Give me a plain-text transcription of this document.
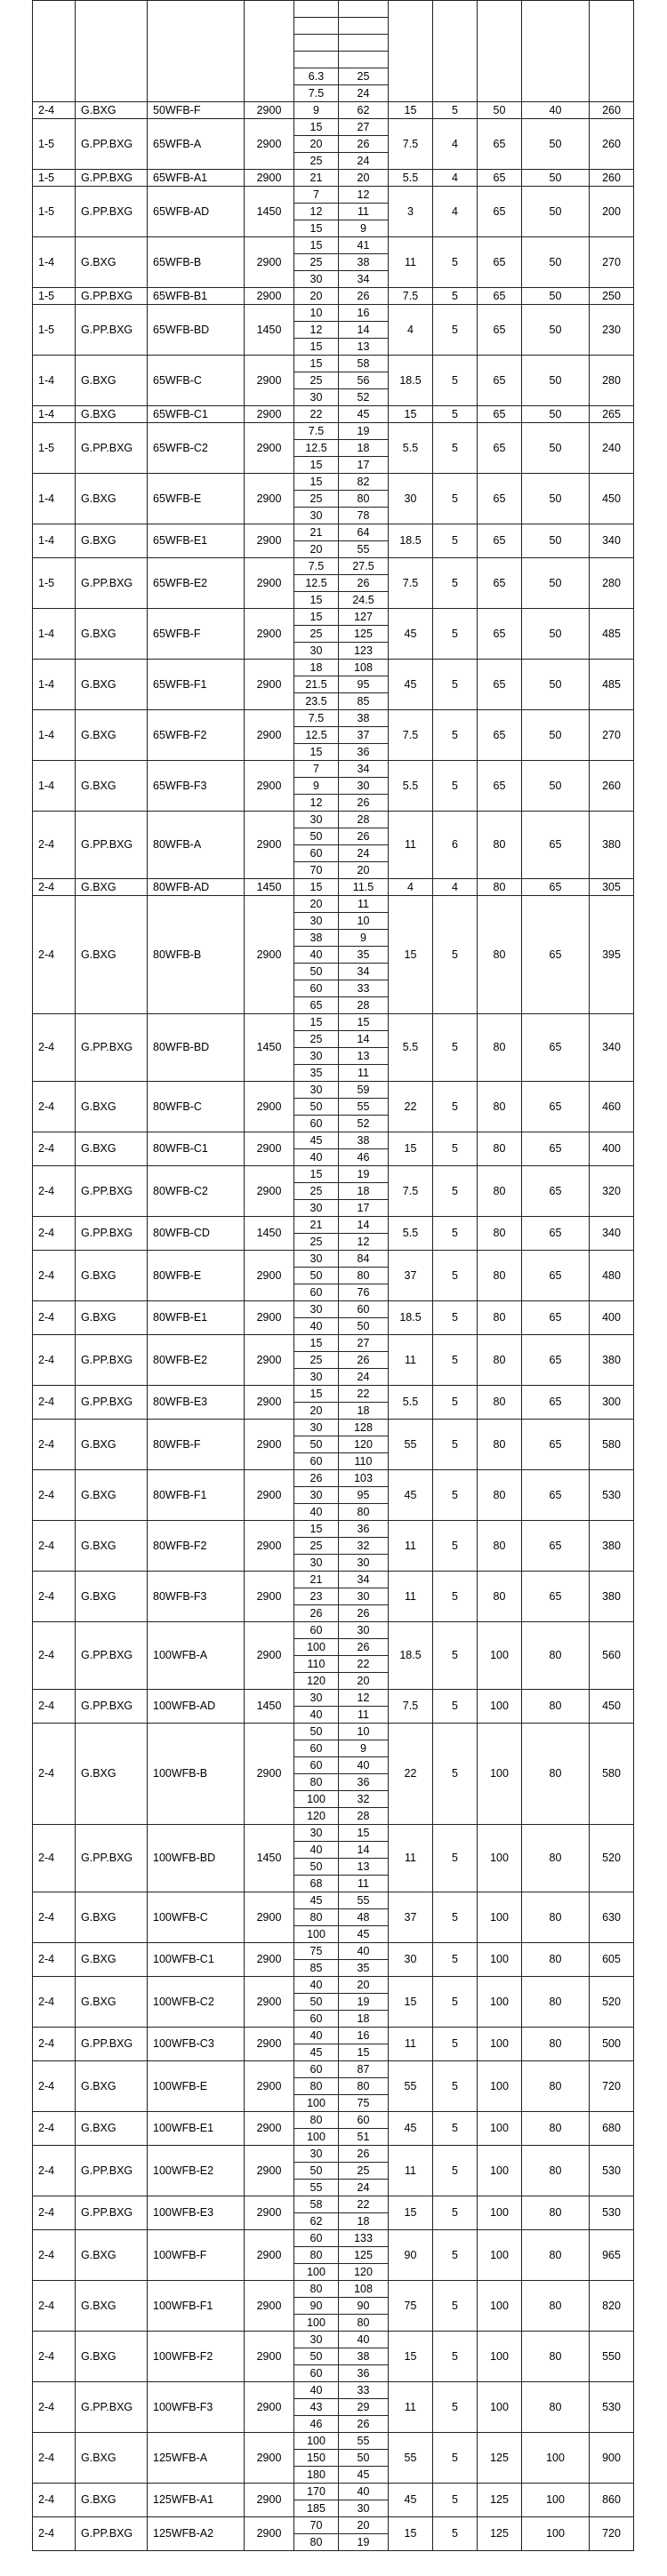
				6.3	25					
				7.5	24					
2-4	G.BXG	50WFB-F	2900	9	62	15	5	50	40	260
1-5	G.PP.BXG	65WFB-A	2900	15	27	7.5	4	65	50	260
				20	26					
				25	24					
1-5	G.PP.BXG	65WFB-A1	2900	21	20	5.5	4	65	50	260
1-5	G.PP.BXG	65WFB-AD	1450	7	12	3	4	65	50	200
				12	11					
				15	9					
1-4	G.BXG	65WFB-B	2900	15	41	11	5	65	50	270
				25	38					
				30	34					
1-5	G.PP.BXG	65WFB-B1	2900	20	26	7.5	5	65	50	250
1-5	G.PP.BXG	65WFB-BD	1450	10	16	4	5	65	50	230
				12	14					
				15	13					
1-4	G.BXG	65WFB-C	2900	15	58	18.5	5	65	50	280
				25	56					
				30	52					
1-4	G.BXG	65WFB-C1	2900	22	45	15	5	65	50	265
1-5	G.PP.BXG	65WFB-C2	2900	7.5	19	5.5	5	65	50	240
				12.5	18					
				15	17					
1-4	G.BXG	65WFB-E	2900	15	82	30	5	65	50	450
				25	80					
				30	78					
1-4	G.BXG	65WFB-E1	2900	21	64	18.5	5	65	50	340
				20	55					
1-5	G.PP.BXG	65WFB-E2	2900	7.5	27.5	7.5	5	65	50	280
				12.5	26					
				15	24.5					
1-4	G.BXG	65WFB-F	2900	15	127	45	5	65	50	485
				25	125					
				30	123					
1-4	G.BXG	65WFB-F1	2900	18	108	45	5	65	50	485
				21.5	95					
				23.5	85					
1-4	G.BXG	65WFB-F2	2900	7.5	38	7.5	5	65	50	270
				12.5	37					
				15	36					
1-4	G.BXG	65WFB-F3	2900	7	34	5.5	5	65	50	260
				9	30					
				12	26					
2-4	G.PP.BXG	80WFB-A	2900	30	28	11	6	80	65	380
				50	26					
				60	24					
				70	20					
2-4	G.BXG	80WFB-AD	1450	15	11.5	4	4	80	65	305
2-4	G.BXG	80WFB-B	2900	20	11	15	5	80	65	395
				30	10					
				38	9					
				40	35					
				50	34					
				60	33					
				65	28					
2-4	G.PP.BXG	80WFB-BD	1450	15	15	5.5	5	80	65	340
				25	14					
				30	13					
				35	11					
2-4	G.BXG	80WFB-C	2900	30	59	22	5	80	65	460
				50	55					
				60	52					
2-4	G.BXG	80WFB-C1	2900	45	38	15	5	80	65	400
				40	46					
2-4	G.PP.BXG	80WFB-C2	2900	15	19	7.5	5	80	65	320
				25	18					
				30	17					
2-4	G.PP.BXG	80WFB-CD	1450	21	14	5.5	5	80	65	340
				25	12					
2-4	G.BXG	80WFB-E	2900	30	84	37	5	80	65	480
				50	80					
				60	76					
2-4	G.BXG	80WFB-E1	2900	30	60	18.5	5	80	65	400
				40	50					
2-4	G.PP.BXG	80WFB-E2	2900	15	27	11	5	80	65	380
				25	26					
				30	24					
2-4	G.PP.BXG	80WFB-E3	2900	15	22	5.5	5	80	65	300
				20	18					
2-4	G.BXG	80WFB-F	2900	30	128	55	5	80	65	580
				50	120					
				60	110					
2-4	G.BXG	80WFB-F1	2900	26	103	45	5	80	65	530
				30	95					
				40	80					
2-4	G.BXG	80WFB-F2	2900	15	36	11	5	80	65	380
				25	32					
				30	30					
2-4	G.BXG	80WFB-F3	2900	21	34	11	5	80	65	380
				23	30					
				26	26					
2-4	G.PP.BXG	100WFB-A	2900	60	30	18.5	5	100	80	560
				100	26					
				110	22					
				120	20					
2-4	G.PP.BXG	100WFB-AD	1450	30	12	7.5	5	100	80	450
				40	11					
2-4	G.BXG	100WFB-B	2900	50	10	22	5	100	80	580
				60	9					
				60	40					
				80	36					
				100	32					
				120	28					
2-4	G.PP.BXG	100WFB-BD	1450	30	15	11	5	100	80	520
				40	14					
				50	13					
				68	11					
2-4	G.BXG	100WFB-C	2900	45	55	37	5	100	80	630
				80	48					
				100	45					
2-4	G.BXG	100WFB-C1	2900	75	40	30	5	100	80	605
				85	35					
2-4	G.BXG	100WFB-C2	2900	40	20	15	5	100	80	520
				50	19					
				60	18					
2-4	G.PP.BXG	100WFB-C3	2900	40	16	11	5	100	80	500
				45	15					
2-4	G.BXG	100WFB-E	2900	60	87	55	5	100	80	720
				80	80					
				100	75					
2-4	G.BXG	100WFB-E1	2900	80	60	45	5	100	80	680
				100	51					
2-4	G.PP.BXG	100WFB-E2	2900	30	26	11	5	100	80	530
				50	25					
				55	24					
2-4	G.PP.BXG	100WFB-E3	2900	58	22	15	5	100	80	530
				62	18					
2-4	G.BXG	100WFB-F	2900	60	133	90	5	100	80	965
				80	125					
				100	120					
2-4	G.BXG	100WFB-F1	2900	80	108	75	5	100	80	820
				90	90					
				100	80					
2-4	G.BXG	100WFB-F2	2900	30	40	15	5	100	80	550
				50	38					
				60	36					
2-4	G.PP.BXG	100WFB-F3	2900	40	33	11	5	100	80	530
				43	29					
				46	26					
2-4	G.BXG	125WFB-A	2900	100	55	55	5	125	100	900
				150	50					
				180	45					
2-4	G.BXG	125WFB-A1	2900	170	40	45	5	125	100	860
				185	30					
2-4	G.PP.BXG	125WFB-A2	2900	70	20	15	5	125	100	720
				80	19					
